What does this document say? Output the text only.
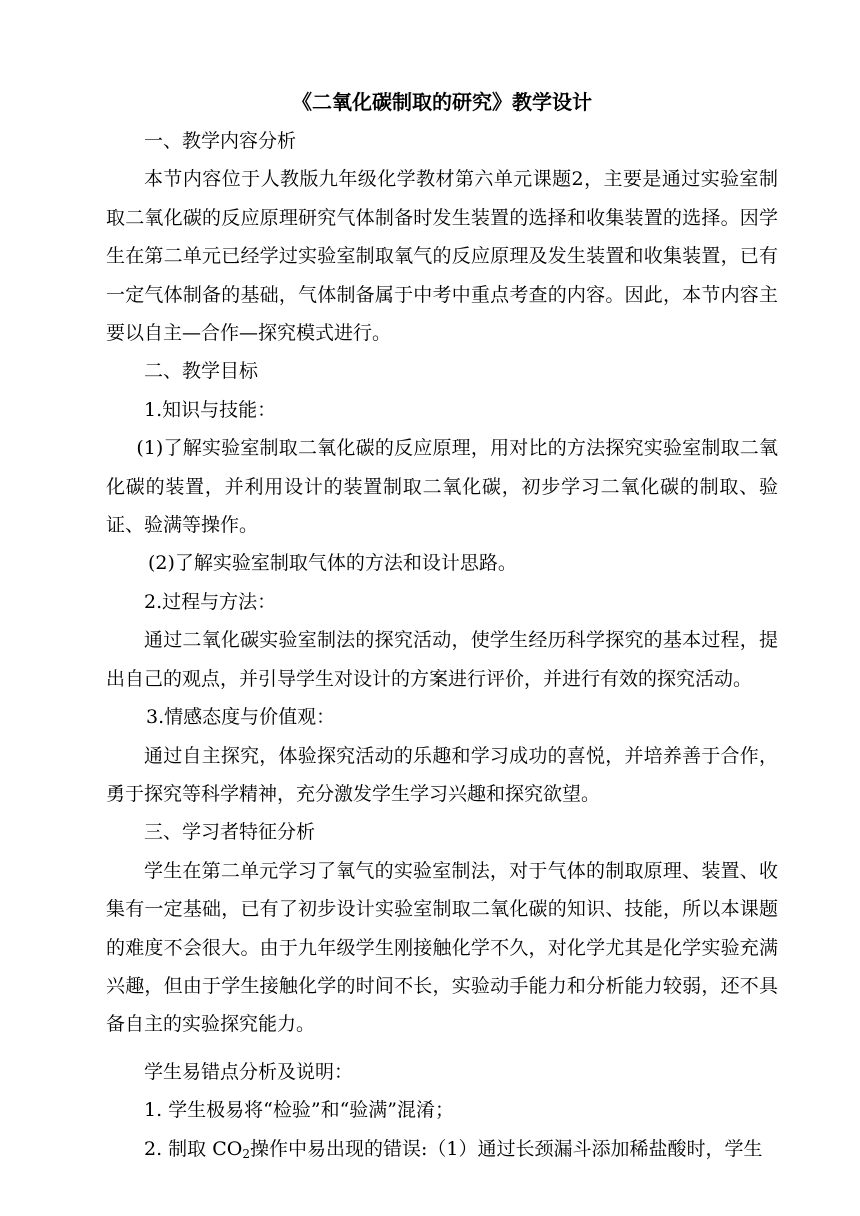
《二氧化碳制取的研究》教学设计

一、教学内容分析

本节内容位于人教版九年级化学教材第六单元课题2，主要是通过实验室制取二氧化碳的反应原理研究气体制备时发生装置的选择和收集装置的选择。因学生在第二单元已经学过实验室制取氧气的反应原理及发生装置和收集装置，已有一定气体制备的基础，气体制备属于中考中重点考查的内容。因此，本节内容主要以自主—合作—探究模式进行。

二、教学目标

1.知识与技能：

(1)了解实验室制取二氧化碳的反应原理，用对比的方法探究实验室制取二氧化碳的装置，并利用设计的装置制取二氧化碳，初步学习二氧化碳的制取、验证、验满等操作。

(2)了解实验室制取气体的方法和设计思路。

2.过程与方法：

通过二氧化碳实验室制法的探究活动，使学生经历科学探究的基本过程，提出自己的观点，并引导学生对设计的方案进行评价，并进行有效的探究活动。

3.情感态度与价值观：

通过自主探究，体验探究活动的乐趣和学习成功的喜悦，并培养善于合作， 勇于探究等科学精神，充分激发学生学习兴趣和探究欲望。

三、学习者特征分析

学生在第二单元学习了氧气的实验室制法，对于气体的制取原理、装置、收集有一定基础，已有了初步设计实验室制取二氧化碳的知识、技能，所以本课题的难度不会很大。由于九年级学生刚接触化学不久，对化学尤其是化学实验充满兴趣，但由于学生接触化学的时间不长，实验动手能力和分析能力较弱，还不具备自主的实验探究能力。

学生易错点分析及说明：

1. 学生极易将“检验”和“验满”混淆；

2. 制取 $CO_2$操作中易出现的错误:（1）通过长颈漏斗添加稀盐酸时，学生
